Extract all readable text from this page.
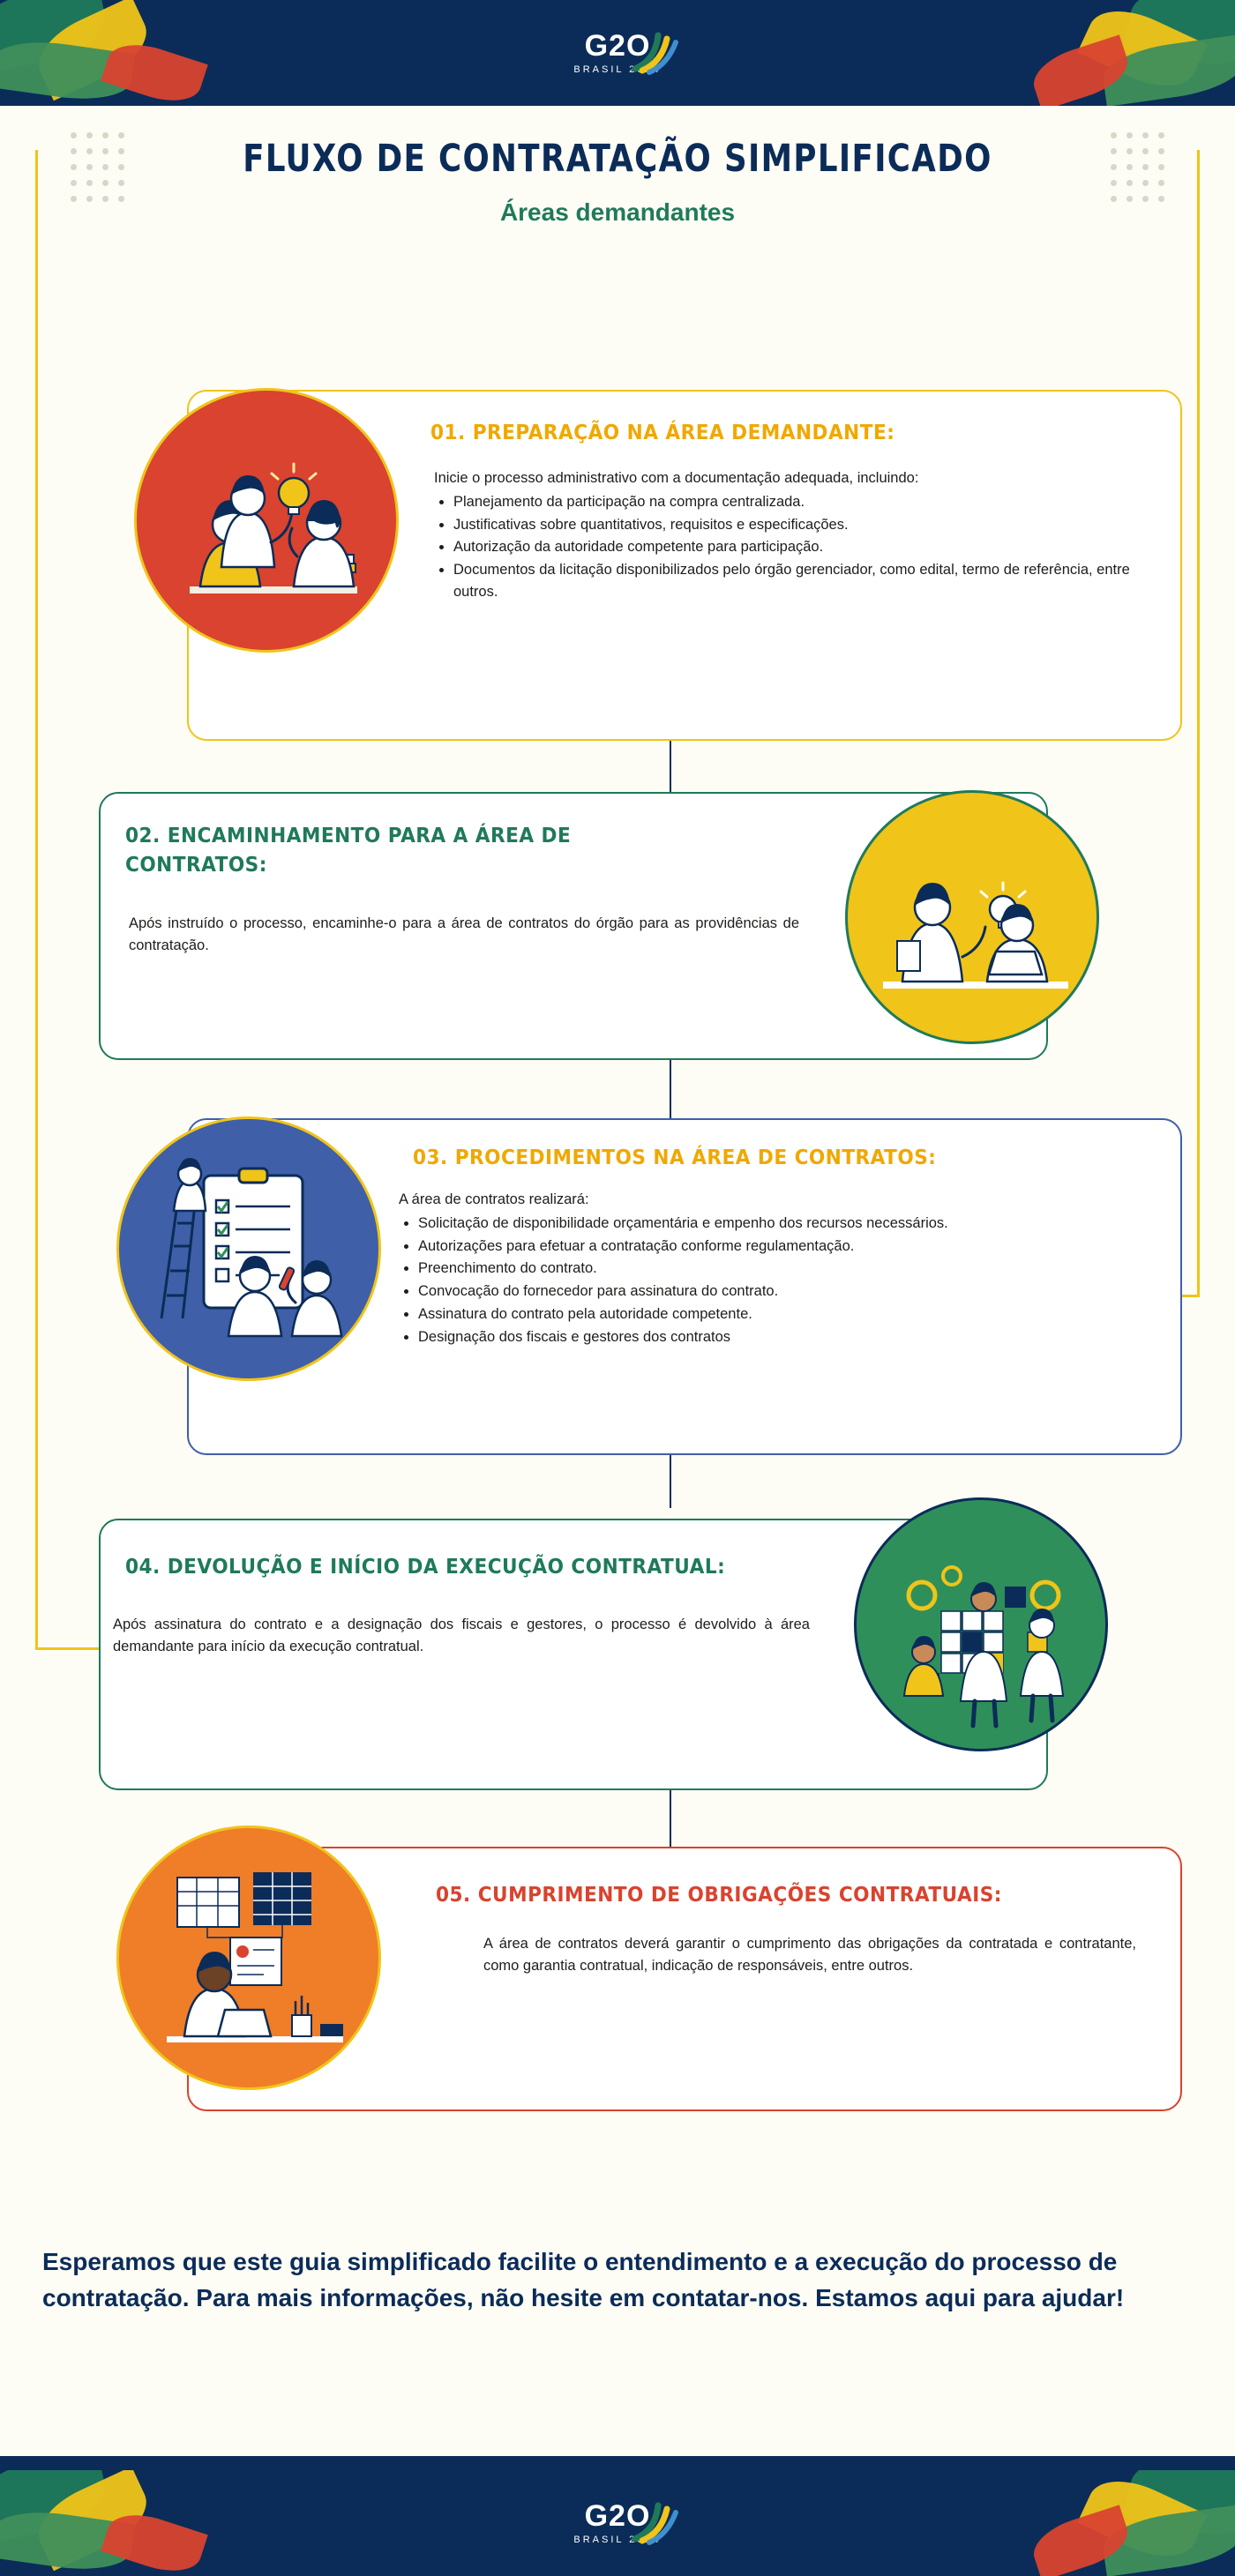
G2O
BRASIL 2024
FLUXO DE CONTRATAÇÃO SIMPLIFICADO
Áreas demandantes
01. PREPARAÇÃO NA ÁREA DEMANDANTE:

Inicie o processo administrativo com a documentação adequada, incluindo:

• Planejamento da participação na compra centralizada.
• Justificativas sobre quantitativos, requisitos e especificações.
• Autorização da autoridade competente para participação.
• Documentos da licitação disponibilizados pelo órgão gerenciador, como edital, termo de referência, entre outros.
02. ENCAMINHAMENTO PARA A ÁREA DE CONTRATOS:

Após instruído o processo, encaminhe-o para a área de contratos do órgão para as providências de contratação.

03. PROCEDIMENTOS NA ÁREA DE CONTRATOS:

A área de contratos realizará:

• Solicitação de disponibilidade orçamentária e empenho dos recursos necessários.
• Autorizações para efetuar a contratação conforme regulamentação.
• Preenchimento do contrato.
• Convocação do fornecedor para assinatura do contrato.
• Assinatura do contrato pela autoridade competente.
• Designação dos fiscais e gestores dos contratos
04. DEVOLUÇÃO E INÍCIO DA EXECUÇÃO CONTRATUAL:

Após assinatura do contrato e a designação dos fiscais e gestores, o processo é devolvido à área demandante para início da execução contratual.

05. CUMPRIMENTO DE OBRIGAÇÕES CONTRATUAIS:

A área de contratos deverá garantir o cumprimento das obrigações da contratada e contratante, como garantia contratual, indicação de responsáveis, entre outros.

Esperamos que este guia simplificado facilite o entendimento e a execução do processo de contratação. Para mais informações, não hesite em contatar-nos. Estamos aqui para ajudar!
G2O
BRASIL 2024
